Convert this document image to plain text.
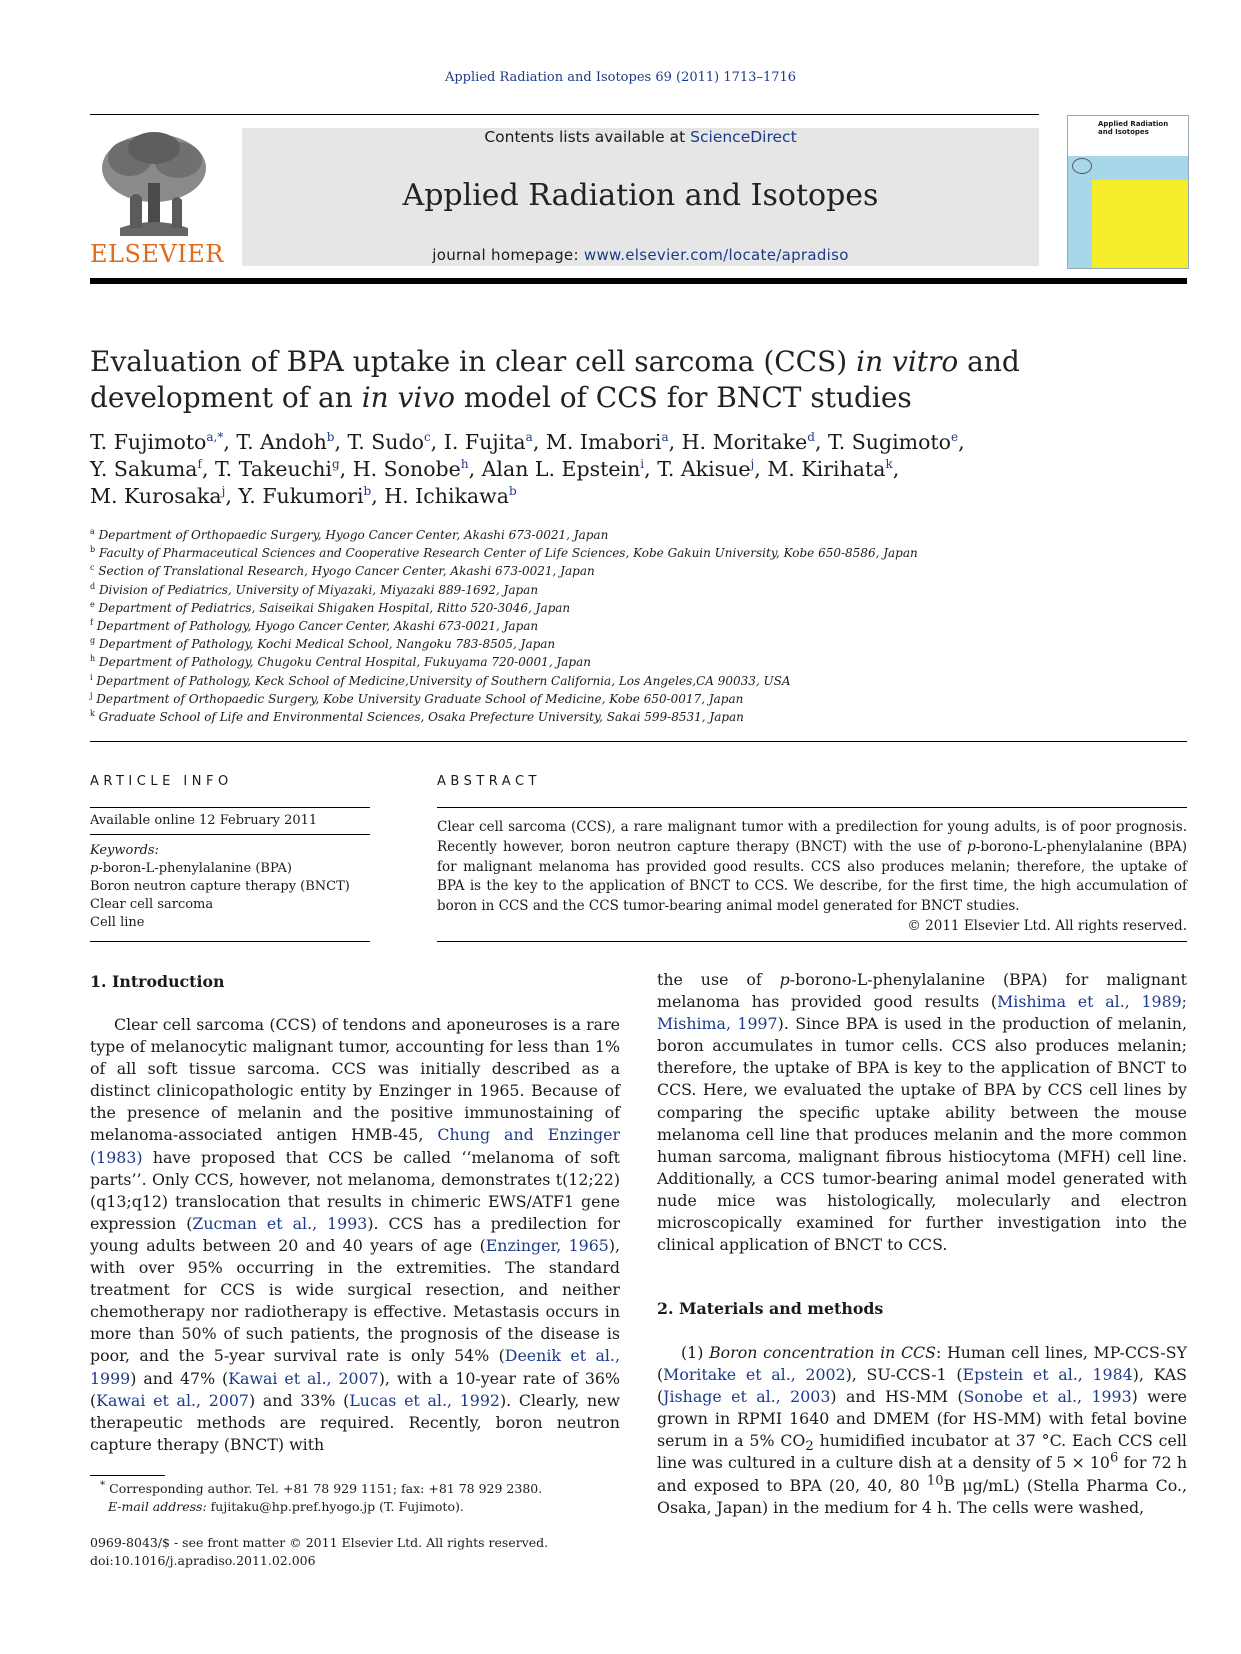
Applied Radiation and Isotopes 69 (2011) 1713–1716
ELSEVIER
Contents lists available at ScienceDirect
Applied Radiation and Isotopes
journal homepage: www.elsevier.com/locate/apradiso
Applied Radiation and Isotopes
Evaluation of BPA uptake in clear cell sarcoma (CCS) in vitro and
development of an in vivo model of CCS for BNCT studies
T. Fujimoto$^{a,*}$, T. Andoh$^b$, T. Sudo$^c$, I. Fujita$^a$, M. Imabori$^a$, H. Moritake$^d$, T. Sugimoto$^e$,
Y. Sakuma$^f$, T. Takeuchi$^g$, H. Sonobe$^h$, Alan L. Epstein$^i$, T. Akisue$^j$, M. Kirihata$^k$,
M. Kurosaka$^j$, Y. Fukumori$^b$, H. Ichikawa$^b$
$^a$ Department of Orthopaedic Surgery, Hyogo Cancer Center, Akashi 673-0021, Japan
$^b$ Faculty of Pharmaceutical Sciences and Cooperative Research Center of Life Sciences, Kobe Gakuin University, Kobe 650-8586, Japan
$^c$ Section of Translational Research, Hyogo Cancer Center, Akashi 673-0021, Japan
$^d$ Division of Pediatrics, University of Miyazaki, Miyazaki 889-1692, Japan
$^e$ Department of Pediatrics, Saiseikai Shigaken Hospital, Ritto 520-3046, Japan
$^f$ Department of Pathology, Hyogo Cancer Center, Akashi 673-0021, Japan
$^g$ Department of Pathology, Kochi Medical School, Nangoku 783-8505, Japan
$^h$ Department of Pathology, Chugoku Central Hospital, Fukuyama 720-0001, Japan
$^i$ Department of Pathology, Keck School of Medicine,University of Southern California, Los Angeles,CA 90033, USA
$^j$ Department of Orthopaedic Surgery, Kobe University Graduate School of Medicine, Kobe 650-0017, Japan
$^k$ Graduate School of Life and Environmental Sciences, Osaka Prefecture University, Sakai 599-8531, Japan
ARTICLE INFO
Available online 12 February 2011
Keywords:
p-boron-L-phenylalanine (BPA)
Boron neutron capture therapy (BNCT)
Clear cell sarcoma
Cell line
ABSTRACT
Clear cell sarcoma (CCS), a rare malignant tumor with a predilection for young adults, is of poor prognosis. Recently however, boron neutron capture therapy (BNCT) with the use of p-borono-L-phenylalanine (BPA) for malignant melanoma has provided good results. CCS also produces melanin; therefore, the uptake of BPA is the key to the application of BNCT to CCS. We describe, for the first time, the high accumulation of boron in CCS and the CCS tumor-bearing animal model generated for BNCT studies.
© 2011 Elsevier Ltd. All rights reserved.
1. Introduction
Clear cell sarcoma (CCS) of tendons and aponeuroses is a rare type of melanocytic malignant tumor, accounting for less than 1% of all soft tissue sarcoma. CCS was initially described as a distinct clinicopathologic entity by Enzinger in 1965. Because of the presence of melanin and the positive immunostaining of melanoma-associated antigen HMB-45, Chung and Enzinger (1983) have proposed that CCS be called ‘‘melanoma of soft parts’’. Only CCS, however, not melanoma, demonstrates t(12;22)(q13;q12) translocation that results in chimeric EWS/ATF1 gene expression (Zucman et al., 1993). CCS has a predilection for young adults between 20 and 40 years of age (Enzinger, 1965), with over 95% occurring in the extremities. The standard treatment for CCS is wide surgical resection, and neither chemotherapy nor radiotherapy is effective. Metastasis occurs in more than 50% of such patients, the prognosis of the disease is poor, and the 5-year survival rate is only 54% (Deenik et al., 1999) and 47% (Kawai et al., 2007), with a 10-year rate of 36% (Kawai et al., 2007) and 33% (Lucas et al., 1992). Clearly, new therapeutic methods are required. Recently, boron neutron capture therapy (BNCT) with
the use of p-borono-L-phenylalanine (BPA) for malignant melanoma has provided good results (Mishima et al., 1989; Mishima, 1997). Since BPA is used in the production of melanin, boron accumulates in tumor cells. CCS also produces melanin; therefore, the uptake of BPA is key to the application of BNCT to CCS. Here, we evaluated the uptake of BPA by CCS cell lines by comparing the specific uptake ability between the mouse melanoma cell line that produces melanin and the more common human sarcoma, malignant fibrous histiocytoma (MFH) cell line. Additionally, a CCS tumor-bearing animal model generated with nude mice was histologically, molecularly and electron microscopically examined for further investigation into the clinical application of BNCT to CCS.
2. Materials and methods
(1) Boron concentration in CCS: Human cell lines, MP-CCS-SY (Moritake et al., 2002), SU-CCS-1 (Epstein et al., 1984), KAS (Jishage et al., 2003) and HS-MM (Sonobe et al., 1993) were grown in RPMI 1640 and DMEM (for HS-MM) with fetal bovine serum in a 5% $CO_2$ humidified incubator at 37 °C. Each CCS cell line was cultured in a culture dish at a density of $5 \times 10^6$ for 72 h and exposed to BPA (20, 40, 80 $^{10}$B μg/mL) (Stella Pharma Co., Osaka, Japan) in the medium for 4 h. The cells were washed,
* Corresponding author. Tel. +81 78 929 1151; fax: +81 78 929 2380.
E-mail address: fujitaku@hp.pref.hyogo.jp (T. Fujimoto).
0969-8043/$ - see front matter © 2011 Elsevier Ltd. All rights reserved.
doi:10.1016/j.apradiso.2011.02.006
